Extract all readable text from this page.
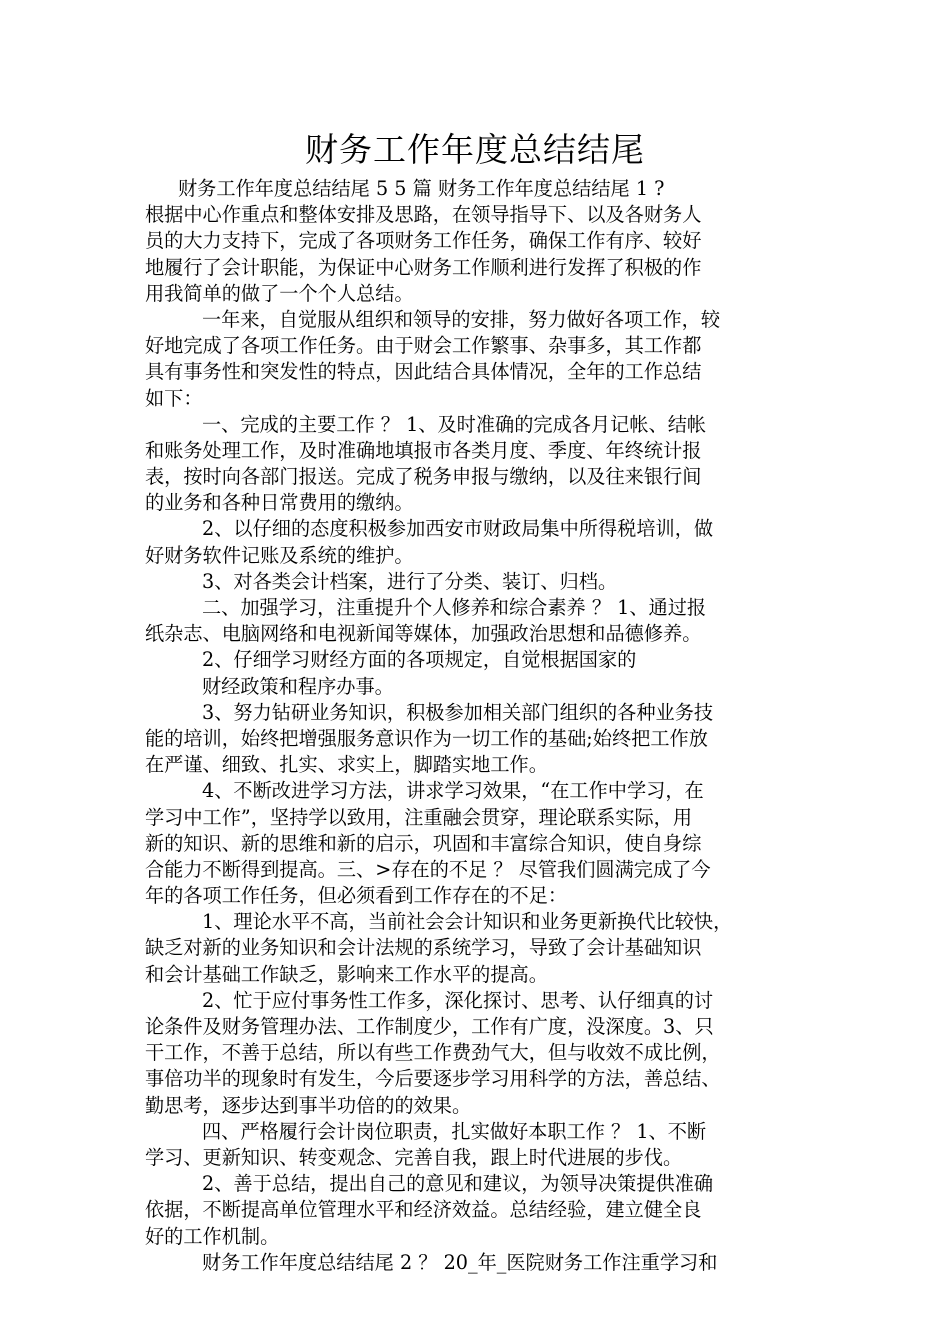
财务工作年度总结结尾
财务工作年度总结结尾 5 5 篇 财务工作年度总结结尾 1 ?
根据中心作重点和整体安排及思路，在领导指导下、以及各财务人
员的大力支持下，完成了各项财务工作任务，确保工作有序、较好
地履行了会计职能，为保证中心财务工作顺利进行发挥了积极的作
用我简单的做了一个个人总结。
一年来，自觉服从组织和领导的安排，努力做好各项工作，较
好地完成了各项工作任务。由于财会工作繁事、杂事多，其工作都
具有事务性和突发性的特点，因此结合具体情况，全年的工作总结
如下：
一、完成的主要工作 ？ 1、及时准确的完成各月记帐、结帐
和账务处理工作，及时准确地填报市各类月度、季度、年终统计报
表，按时向各部门报送。完成了税务申报与缴纳，以及往来银行间
的业务和各种日常费用的缴纳。
2、以仔细的态度积极参加西安市财政局集中所得税培训，做
好财务软件记账及系统的维护。
3、对各类会计档案，进行了分类、装订、归档。
二、加强学习，注重提升个人修养和综合素养 ？ 1、通过报
纸杂志、电脑网络和电视新闻等媒体，加强政治思想和品德修养。
2、仔细学习财经方面的各项规定，自觉根据国家的
财经政策和程序办事。
3、努力钻研业务知识，积极参加相关部门组织的各种业务技
能的培训，始终把增强服务意识作为一切工作的基础;始终把工作放
在严谨、细致、扎实、求实上，脚踏实地工作。
4、不断改进学习方法，讲求学习效果，“在工作中学习，在
学习中工作”，坚持学以致用，注重融会贯穿，理论联系实际，用
新的知识、新的思维和新的启示，巩固和丰富综合知识，使自身综
合能力不断得到提高。三、>存在的不足 ？ 尽管我们圆满完成了今
年的各项工作任务，但必须看到工作存在的不足：
1、理论水平不高，当前社会会计知识和业务更新换代比较快，
缺乏对新的业务知识和会计法规的系统学习，导致了会计基础知识
和会计基础工作缺乏，影响来工作水平的提高。
2、忙于应付事务性工作多，深化探讨、思考、认仔细真的讨
论条件及财务管理办法、工作制度少，工作有广度，没深度。3、只
干工作，不善于总结，所以有些工作费劲气大，但与收效不成比例，
事倍功半的现象时有发生，今后要逐步学习用科学的方法，善总结、
勤思考，逐步达到事半功倍的的效果。
四、严格履行会计岗位职责，扎实做好本职工作 ？ 1、不断
学习、更新知识、转变观念、完善自我，跟上时代进展的步伐。
2、善于总结，提出自己的意见和建议，为领导决策提供准确
依据，不断提高单位管理水平和经济效益。总结经验，建立健全良
好的工作机制。
财务工作年度总结结尾 2 ？ 20_年_医院财务工作注重学习和
